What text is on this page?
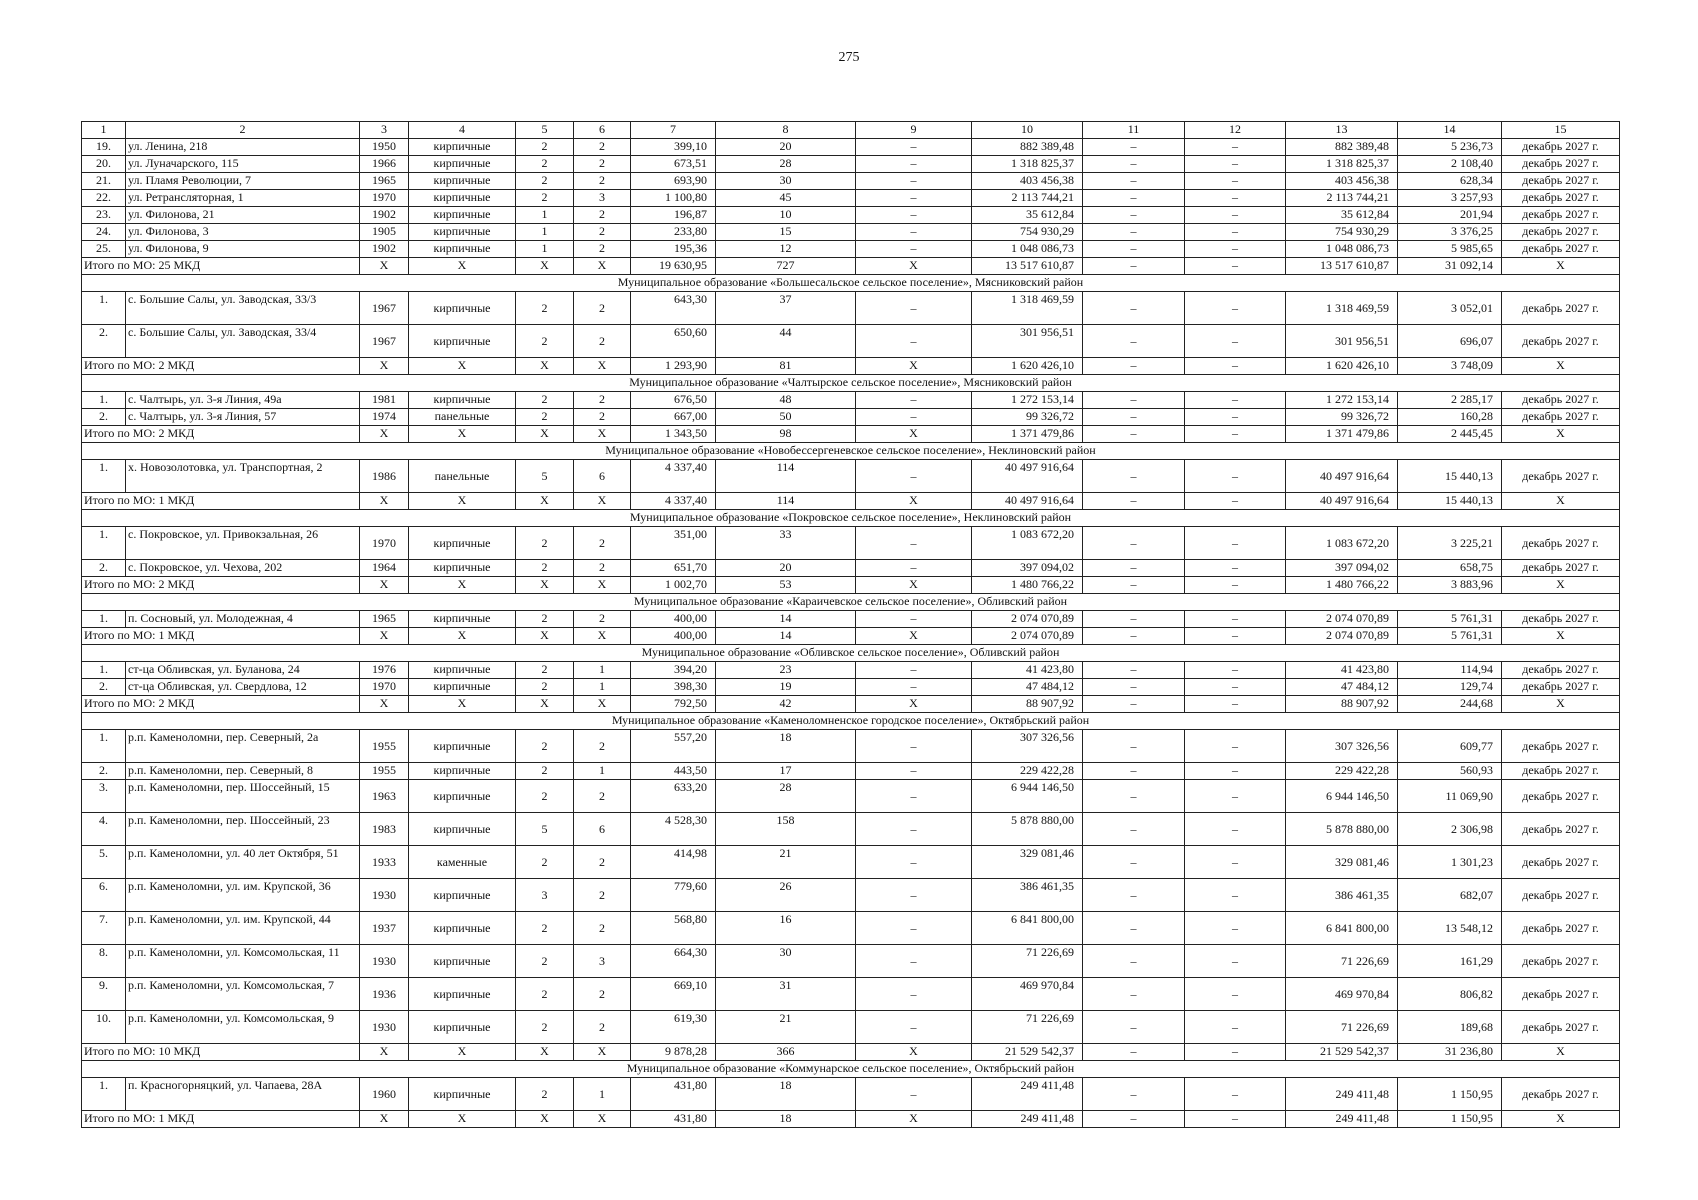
275
1	2	3	4	5	6	7	8	9	10	11	12	13	14	15
19.	ул. Ленина, 218	1950	кирпичные	2	2	399,10	20	–	882 389,48	–	–	882 389,48	5 236,73	декабрь 2027 г.
20.	ул. Луначарского, 115	1966	кирпичные	2	2	673,51	28	–	1 318 825,37	–	–	1 318 825,37	2 108,40	декабрь 2027 г.
21.	ул. Пламя Революции, 7	1965	кирпичные	2	2	693,90	30	–	403 456,38	–	–	403 456,38	628,34	декабрь 2027 г.
22.	ул. Ретрансляторная, 1	1970	кирпичные	2	3	1 100,80	45	–	2 113 744,21	–	–	2 113 744,21	3 257,93	декабрь 2027 г.
23.	ул. Филонова, 21	1902	кирпичные	1	2	196,87	10	–	35 612,84	–	–	35 612,84	201,94	декабрь 2027 г.
24.	ул. Филонова, 3	1905	кирпичные	1	2	233,80	15	–	754 930,29	–	–	754 930,29	3 376,25	декабрь 2027 г.
25.	ул. Филонова, 9	1902	кирпичные	1	2	195,36	12	–	1 048 086,73	–	–	1 048 086,73	5 985,65	декабрь 2027 г.
Итого по МО: 25 МКД		Х	Х	Х	Х	19 630,95	727	Х	13 517 610,87	–	–	13 517 610,87	31 092,14	Х
Муниципальное образование «Большесальское сельское поселение», Мясниковский район														
1.	с. Большие Салы, ул. Заводская, 33/3	1967	кирпичные	2	2	643,30	37	–	1 318 469,59	–	–	1 318 469,59	3 052,01	декабрь 2027 г.
2.	с. Большие Салы, ул. Заводская, 33/4	1967	кирпичные	2	2	650,60	44	–	301 956,51	–	–	301 956,51	696,07	декабрь 2027 г.
Итого по МО: 2 МКД		Х	Х	Х	Х	1 293,90	81	Х	1 620 426,10	–	–	1 620 426,10	3 748,09	Х
Муниципальное образование «Чалтырское сельское поселение», Мясниковский район														
1.	с. Чалтырь, ул. 3-я Линия, 49а	1981	кирпичные	2	2	676,50	48	–	1 272 153,14	–	–	1 272 153,14	2 285,17	декабрь 2027 г.
2.	с. Чалтырь, ул. 3-я Линия, 57	1974	панельные	2	2	667,00	50	–	99 326,72	–	–	99 326,72	160,28	декабрь 2027 г.
Итого по МО: 2 МКД		Х	Х	Х	Х	1 343,50	98	Х	1 371 479,86	–	–	1 371 479,86	2 445,45	Х
Муниципальное образование «Новобессергеневское сельское поселение», Неклиновский район														
1.	х. Новозолотовка, ул. Транспортная, 2	1986	панельные	5	6	4 337,40	114	–	40 497 916,64	–	–	40 497 916,64	15 440,13	декабрь 2027 г.
Итого по МО: 1 МКД		Х	Х	Х	Х	4 337,40	114	Х	40 497 916,64	–	–	40 497 916,64	15 440,13	Х
Муниципальное образование «Покровское сельское поселение», Неклиновский район														
1.	с. Покровское, ул. Привокзальная, 26	1970	кирпичные	2	2	351,00	33	–	1 083 672,20	–	–	1 083 672,20	3 225,21	декабрь 2027 г.
2.	с. Покровское, ул. Чехова, 202	1964	кирпичные	2	2	651,70	20	–	397 094,02	–	–	397 094,02	658,75	декабрь 2027 г.
Итого по МО: 2 МКД		Х	Х	Х	Х	1 002,70	53	Х	1 480 766,22	–	–	1 480 766,22	3 883,96	Х
Муниципальное образование «Караичевское сельское поселение», Обливский район														
1.	п. Сосновый, ул. Молодежная, 4	1965	кирпичные	2	2	400,00	14	–	2 074 070,89	–	–	2 074 070,89	5 761,31	декабрь 2027 г.
Итого по МО: 1 МКД		Х	Х	Х	Х	400,00	14	Х	2 074 070,89	–	–	2 074 070,89	5 761,31	Х
Муниципальное образование «Обливское сельское поселение», Обливский район														
1.	ст-ца Обливская, ул. Буланова, 24	1976	кирпичные	2	1	394,20	23	–	41 423,80	–	–	41 423,80	114,94	декабрь 2027 г.
2.	ст-ца Обливская, ул. Свердлова, 12	1970	кирпичные	2	1	398,30	19	–	47 484,12	–	–	47 484,12	129,74	декабрь 2027 г.
Итого по МО: 2 МКД		Х	Х	Х	Х	792,50	42	Х	88 907,92	–	–	88 907,92	244,68	Х
Муниципальное образование «Каменоломненское городское поселение», Октябрьский район														
1.	р.п. Каменоломни, пер. Северный, 2а	1955	кирпичные	2	2	557,20	18	–	307 326,56	–	–	307 326,56	609,77	декабрь 2027 г.
2.	р.п. Каменоломни, пер. Северный, 8	1955	кирпичные	2	1	443,50	17	–	229 422,28	–	–	229 422,28	560,93	декабрь 2027 г.
3.	р.п. Каменоломни, пер. Шоссейный, 15	1963	кирпичные	2	2	633,20	28	–	6 944 146,50	–	–	6 944 146,50	11 069,90	декабрь 2027 г.
4.	р.п. Каменоломни, пер. Шоссейный, 23	1983	кирпичные	5	6	4 528,30	158	–	5 878 880,00	–	–	5 878 880,00	2 306,98	декабрь 2027 г.
5.	р.п. Каменоломни, ул. 40 лет Октября, 51	1933	каменные	2	2	414,98	21	–	329 081,46	–	–	329 081,46	1 301,23	декабрь 2027 г.
6.	р.п. Каменоломни, ул. им. Крупской, 36	1930	кирпичные	3	2	779,60	26	–	386 461,35	–	–	386 461,35	682,07	декабрь 2027 г.
7.	р.п. Каменоломни, ул. им. Крупской, 44	1937	кирпичные	2	2	568,80	16	–	6 841 800,00	–	–	6 841 800,00	13 548,12	декабрь 2027 г.
8.	р.п. Каменоломни, ул. Комсомольская, 11	1930	кирпичные	2	3	664,30	30	–	71 226,69	–	–	71 226,69	161,29	декабрь 2027 г.
9.	р.п. Каменоломни, ул. Комсомольская, 7	1936	кирпичные	2	2	669,10	31	–	469 970,84	–	–	469 970,84	806,82	декабрь 2027 г.
10.	р.п. Каменоломни, ул. Комсомольская, 9	1930	кирпичные	2	2	619,30	21	–	71 226,69	–	–	71 226,69	189,68	декабрь 2027 г.
Итого по МО: 10 МКД		Х	Х	Х	Х	9 878,28	366	Х	21 529 542,37	–	–	21 529 542,37	31 236,80	Х
Муниципальное образование «Коммунарское сельское поселение», Октябрьский район														
1.	п. Красногорняцкий, ул. Чапаева, 28А	1960	кирпичные	2	1	431,80	18	–	249 411,48	–	–	249 411,48	1 150,95	декабрь 2027 г.
Итого по МО: 1 МКД		Х	Х	Х	Х	431,80	18	Х	249 411,48	–	–	249 411,48	1 150,95	Х
